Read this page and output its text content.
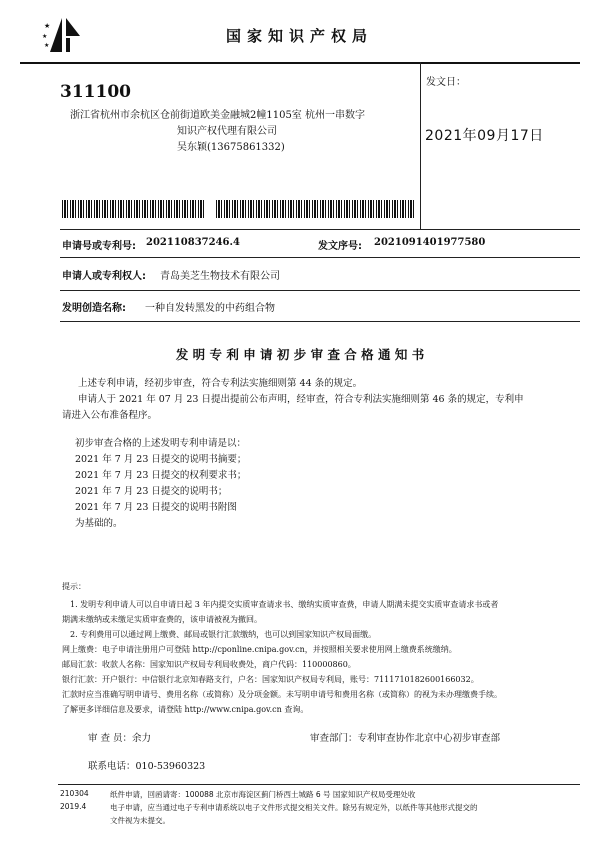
★
★
★
国家知识产权局
311100
浙江省杭州市余杭区仓前街道欧美金融城2幢1105室 杭州一串数字
知识产权代理有限公司
吴东颖(13675861332)
发文日：
2021年09月17日
申请号或专利号: 202110837246.4	发文序号: 2021091401977580
申请人或专利权人: 青岛美芝生物技术有限公司
发明创造名称: 一种自发转黑发的中药组合物
发 明 专 利 申 请 初 步 审 查 合 格 通 知 书
上述专利申请，经初步审查，符合专利法实施细则第 44 条的规定。
申请人于 2021 年 07 月 23 日提出提前公布声明，经审查，符合专利法实施细则第 46 条的规定，专利申
请进入公布准备程序。
初步审查合格的上述发明专利申请是以：
2021 年 7 月 23 日提交的说明书摘要；
2021 年 7 月 23 日提交的权利要求书；
2021 年 7 月 23 日提交的说明书；
2021 年 7 月 23 日提交的说明书附图
为基础的。
提示：
1. 发明专利申请人可以自申请日起 3 年内提交实质审查请求书、缴纳实质审查费，申请人期满未提交实质审查请求书或者
期满未缴纳或未缴足实质审查费的，该申请被视为撤回。
2. 专利费用可以通过网上缴费、邮局或银行汇款缴纳，也可以到国家知识产权局面缴。
网上缴费：电子申请注册用户可登陆 http://cponline.cnipa.gov.cn，并按照相关要求使用网上缴费系统缴纳。
邮局汇款：收款人名称：国家知识产权局专利局收费处，商户代码：110000860。
银行汇款：开户银行：中信银行北京知春路支行，户名：国家知识产权局专利局，账号：7111710182600166032。
汇款时应当准确写明申请号、费用名称（或简称）及分项金额。未写明申请号和费用名称（或简称）的视为未办理缴费手续。
了解更多详细信息及要求，请登陆 http://www.cnipa.gov.cn 查询。
审 查 员：余力	审查部门：专利审查协作北京中心初步审查部
联系电话：010-53960323
210304
2019.4
纸件申请，回函请寄：100088 北京市海淀区蓟门桥西土城路 6 号 国家知识产权局受理处收
电子申请，应当通过电子专利申请系统以电子文件形式提交相关文件。除另有规定外，以纸件等其他形式提交的
文件视为未提交。
